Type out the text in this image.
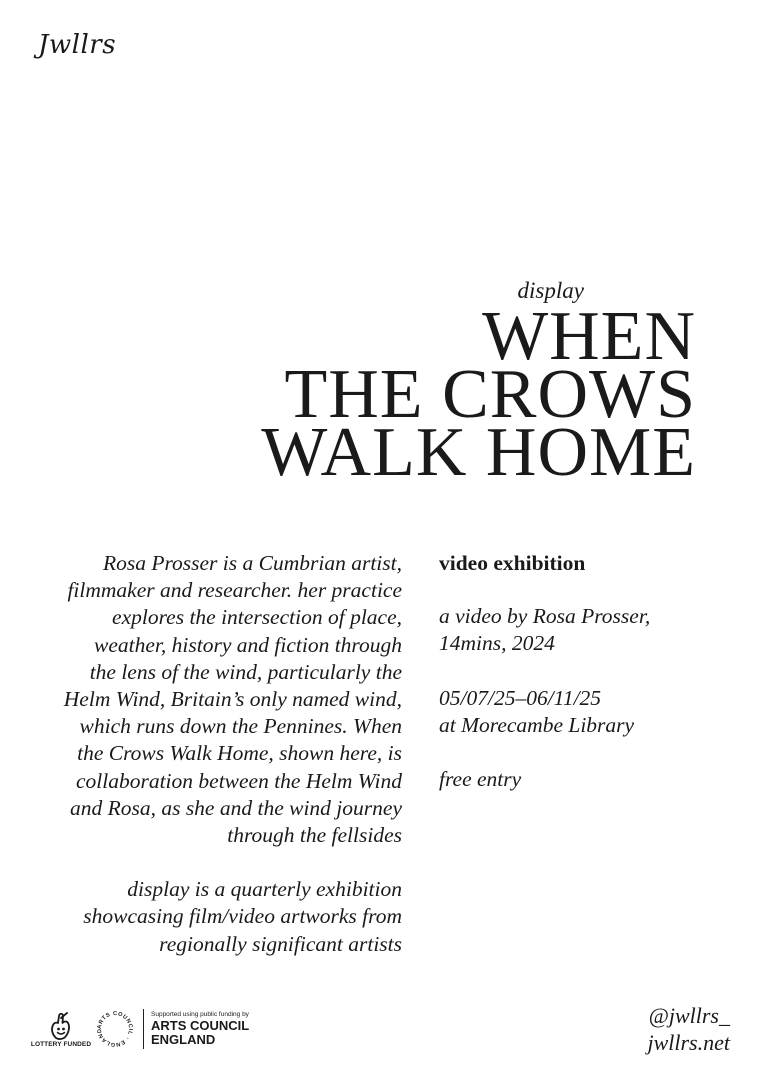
Jwllrs
display
WHEN
THE CROWS
WALK HOME

Rosa Prosser is a Cumbrian artist,
filmmaker and researcher. her practice
explores the intersection of place,
weather, history and fiction through
the lens of the wind, particularly the
Helm Wind, Britain’s only named wind,
which runs down the Pennines. When
the Crows Walk Home, shown here, is
collaboration between the Helm Wind
and Rosa, as she and the wind journey
through the fellsides

display is a quarterly exhibition
showcasing film/video artworks from
regionally significant artists

video exhibition

a video by Rosa Prosser,
14mins, 2024

05/07/25–06/11/25
at Morecambe Library

free entry

LOTTERY FUNDED
ARTS COUNCIL · ENGLAND
Supported using public funding by
ARTS COUNCIL
ENGLAND
@jwllrs_
jwllrs.net
